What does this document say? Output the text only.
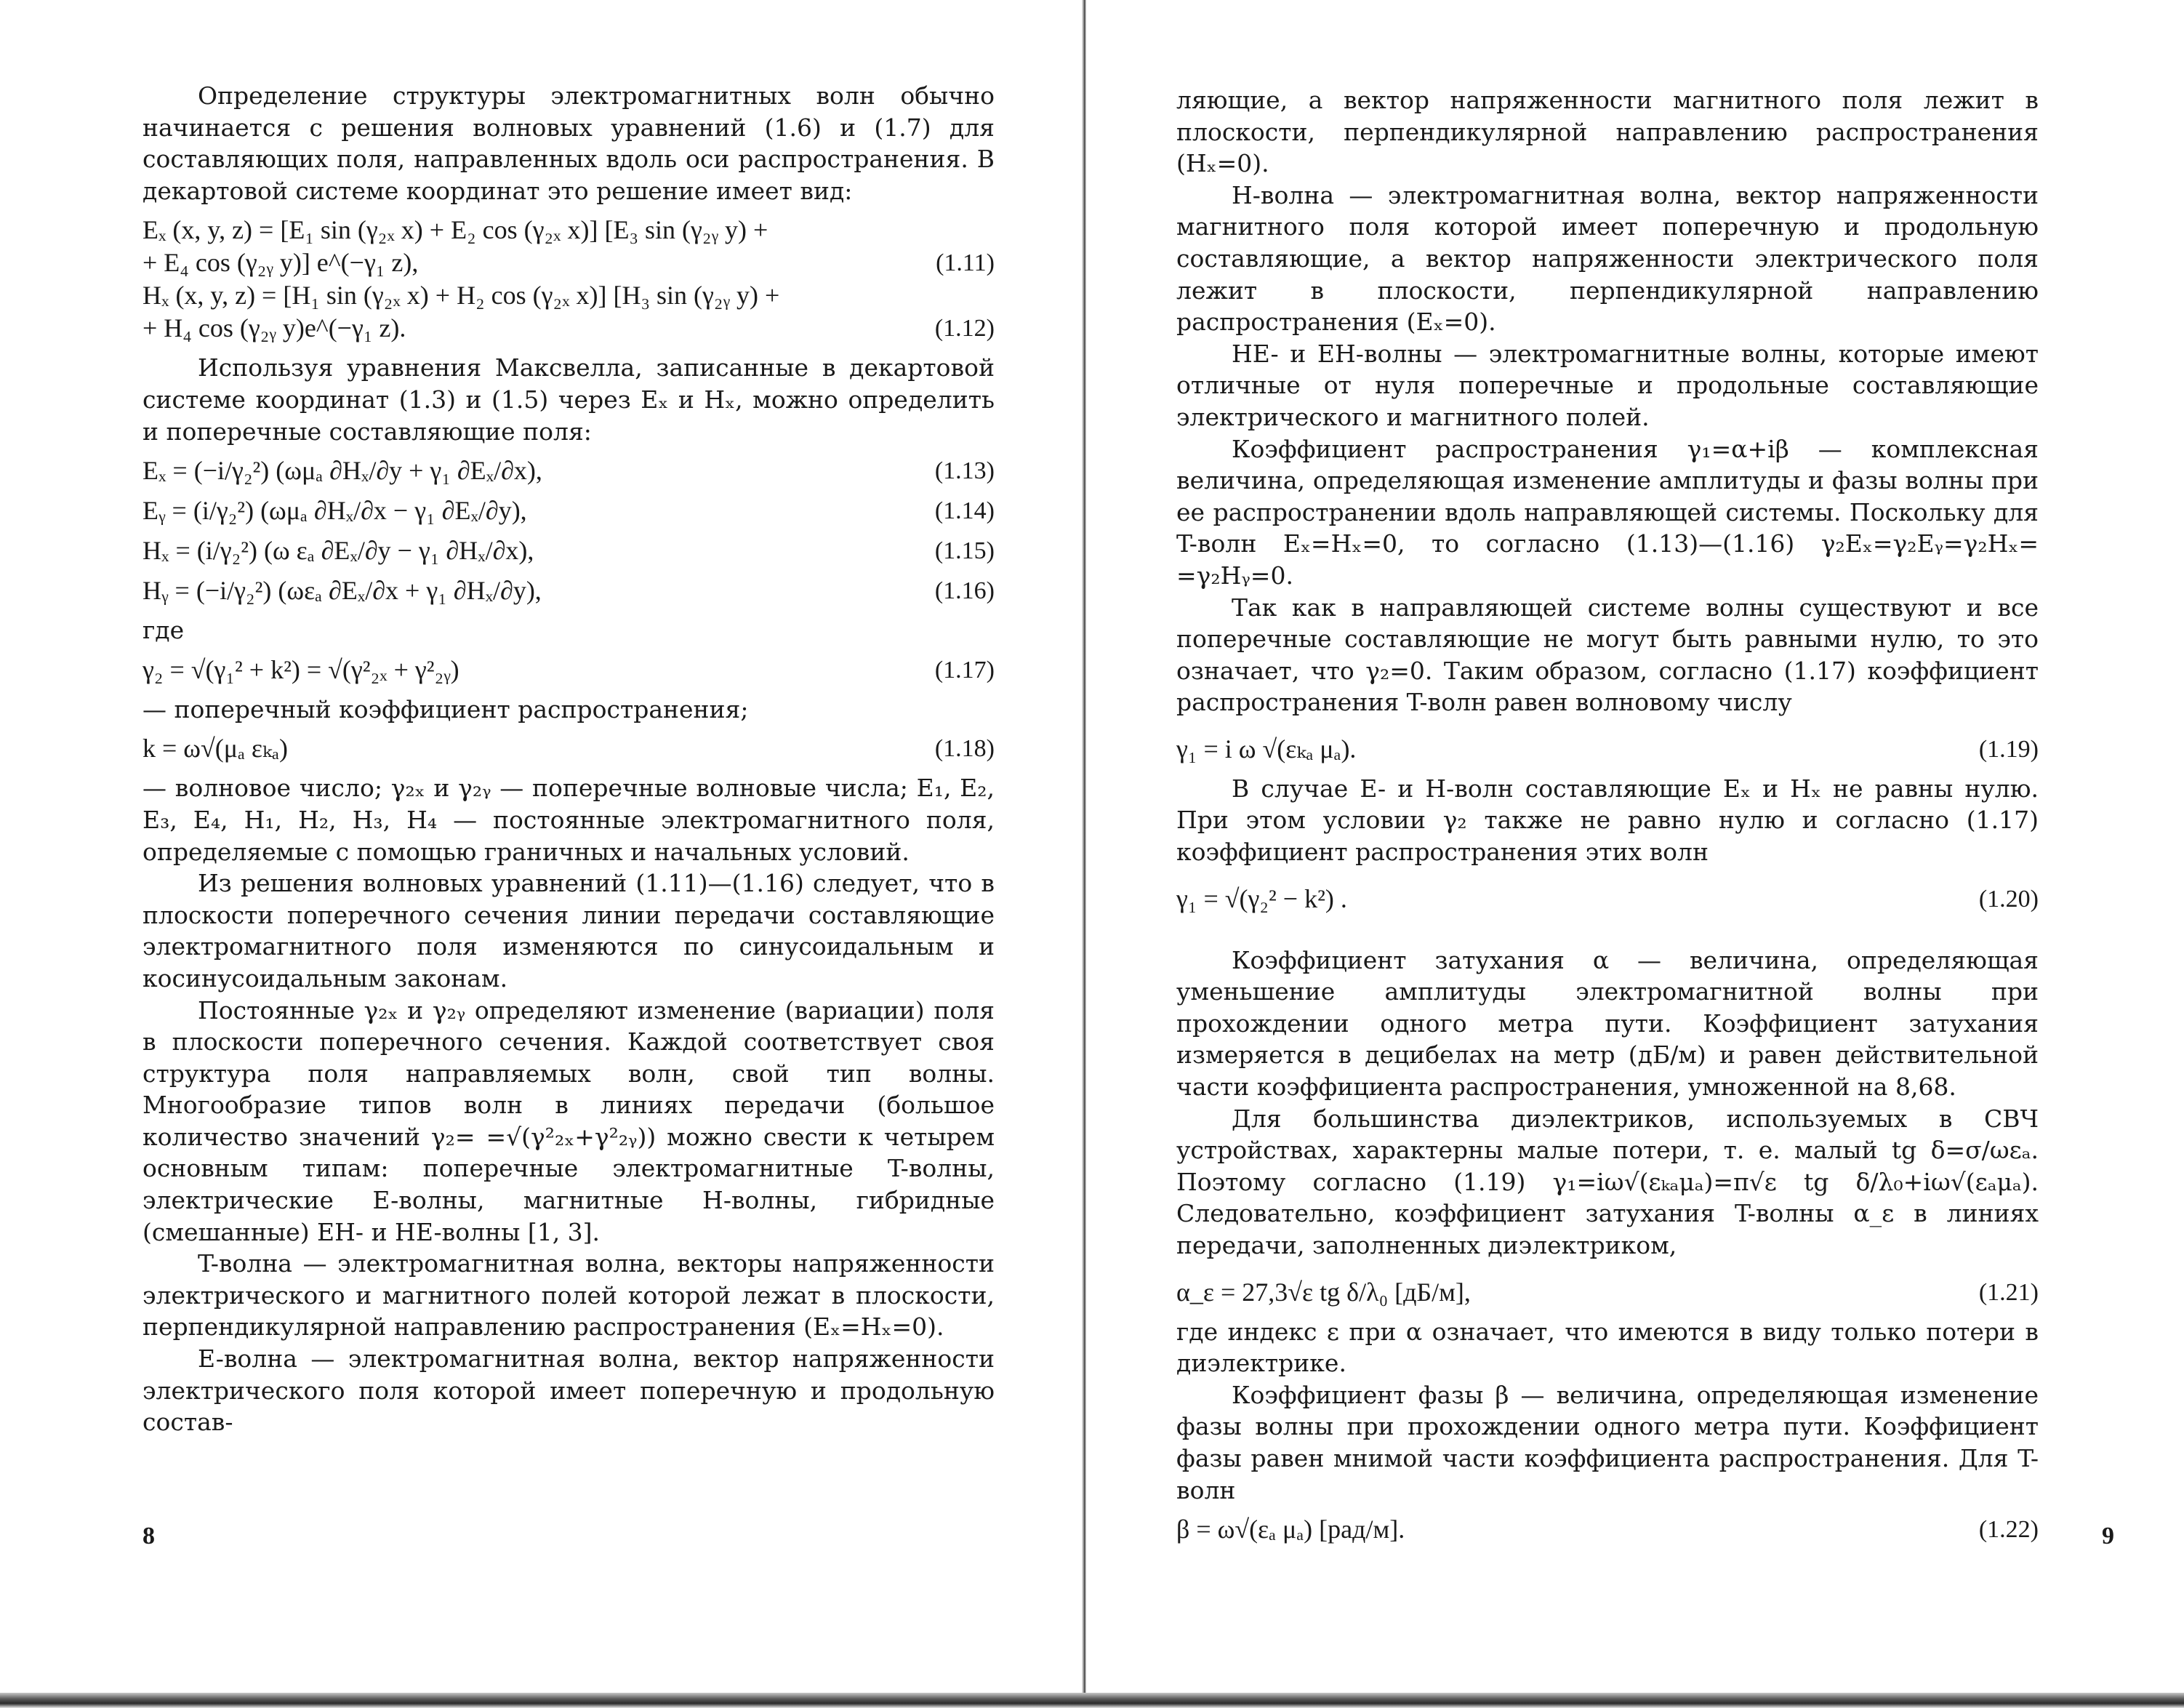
Определение структуры электромагнитных волн обычно начинается с решения волновых уравнений (1.6) и (1.7) для составляющих поля, направленных вдоль оси распространения. В декартовой системе координат это решение имеет вид:

Eₓ (x, y, z) = [E₁ sin (γ₂ₓ x) + E₂ cos (γ₂ₓ x)] [E₃ sin (γ₂ᵧ y) +
+ E₄ cos (γ₂ᵧ y)] e^(−γ₁ z),	(1.11)
Hₓ (x, y, z) = [H₁ sin (γ₂ₓ x) + H₂ cos (γ₂ₓ x)] [H₃ sin (γ₂ᵧ y) +
+ H₄ cos (γ₂ᵧ y)e^(−γ₁ z).	(1.12)

Используя уравнения Максвелла, записанные в декартовой системе координат (1.3) и (1.5) через Eₓ и Hₓ, можно определить и поперечные составляющие поля:

Eₓ = (−i/γ₂²) (ωμₐ ∂Hₓ/∂y + γ₁ ∂Eₓ/∂x),	(1.13)
Eᵧ = (i/γ₂²) (ωμₐ ∂Hₓ/∂x − γ₁ ∂Eₓ/∂y),	(1.14)
Hₓ = (i/γ₂²) (ω εₐ ∂Eₓ/∂y − γ₁ ∂Hₓ/∂x),	(1.15)
Hᵧ = (−i/γ₂²) (ωεₐ ∂Eₓ/∂x + γ₁ ∂Hₓ/∂y),	(1.16)

где

γ₂ = √(γ₁² + k²) = √(γ²₂ₓ + γ²₂ᵧ)	(1.17)

— поперечный коэффициент распространения;

k = ω√(μₐ εₖₐ)	(1.18)

— волновое число; γ₂ₓ и γ₂ᵧ — поперечные волновые числа; E₁, E₂, E₃, E₄, H₁, H₂, H₃, H₄ — постоянные электромагнитного поля, определяемые с помощью граничных и начальных условий.

Из решения волновых уравнений (1.11)—(1.16) следует, что в плоскости поперечного сечения линии передачи составляющие электромагнитного поля изменяются по синусоидальным и косинусоидальным законам.

Постоянные γ₂ₓ и γ₂ᵧ определяют изменение (вариации) поля в плоскости поперечного сечения. Каждой соответствует своя структура поля направляемых волн, свой тип волны. Многообразие типов волн в линиях передачи (большое количество значений γ₂= =√(γ²₂ₓ+γ²₂ᵧ)) можно свести к четырем основным типам: поперечные электромагнитные T-волны, электрические E-волны, магнитные H-волны, гибридные (смешанные) EH- и HE-волны [1, 3].

T-волна — электромагнитная волна, векторы напряженности электрического и магнитного полей которой лежат в плоскости, перпендикулярной направлению распространения (Eₓ=Hₓ=0).

E-волна — электромагнитная волна, вектор напряженности электрического поля которой имеет поперечную и продольную состав-

8

ляющие, а вектор напряженности магнитного поля лежит в плоскости, перпендикулярной направлению распространения (Hₓ=0).

H-волна — электромагнитная волна, вектор напряженности магнитного поля которой имеет поперечную и продольную составляющие, а вектор напряженности электрического поля лежит в плоскости, перпендикулярной направлению распространения (Eₓ=0).

HE- и EH-волны — электромагнитные волны, которые имеют отличные от нуля поперечные и продольные составляющие электрического и магнитного полей.

Коэффициент распространения γ₁=α+iβ — комплексная величина, определяющая изменение амплитуды и фазы волны при ее распространении вдоль направляющей системы. Поскольку для T-волн Eₓ=Hₓ=0, то согласно (1.13)—(1.16) γ₂Eₓ=γ₂Eᵧ=γ₂Hₓ= =γ₂Hᵧ=0.

Так как в направляющей системе волны существуют и все поперечные составляющие не могут быть равными нулю, то это означает, что γ₂=0. Таким образом, согласно (1.17) коэффициент распространения T-волн равен волновому числу

γ₁ = i ω √(εₖₐ μₐ).	(1.19)

В случае E- и H-волн составляющие Eₓ и Hₓ не равны нулю. При этом условии γ₂ также не равно нулю и согласно (1.17) коэффициент распространения этих волн

γ₁ = √(γ₂² − k²) .	(1.20)

Коэффициент затухания α — величина, определяющая уменьшение амплитуды электромагнитной волны при прохождении одного метра пути. Коэффициент затухания измеряется в децибелах на метр (дБ/м) и равен действительной части коэффициента распространения, умноженной на 8,68.

Для большинства диэлектриков, используемых в СВЧ устройствах, характерны малые потери, т. е. малый tg δ=σ/ωεₐ. Поэтому согласно (1.19) γ₁=iω√(εₖₐμₐ)=π√ε tg δ/λ₀+iω√(εₐμₐ). Следовательно, коэффициент затухания T-волны α_ε в линиях передачи, заполненных диэлектриком,

α_ε = 27,3√ε tg δ/λ₀ [дБ/м],	(1.21)

где индекс ε при α означает, что имеются в виду только потери в диэлектрике.

Коэффициент фазы β — величина, определяющая изменение фазы волны при прохождении одного метра пути. Коэффициент фазы равен мнимой части коэффициента распространения. Для T-волн

β = ω√(εₐ μₐ) [рад/м].	(1.22)	9
